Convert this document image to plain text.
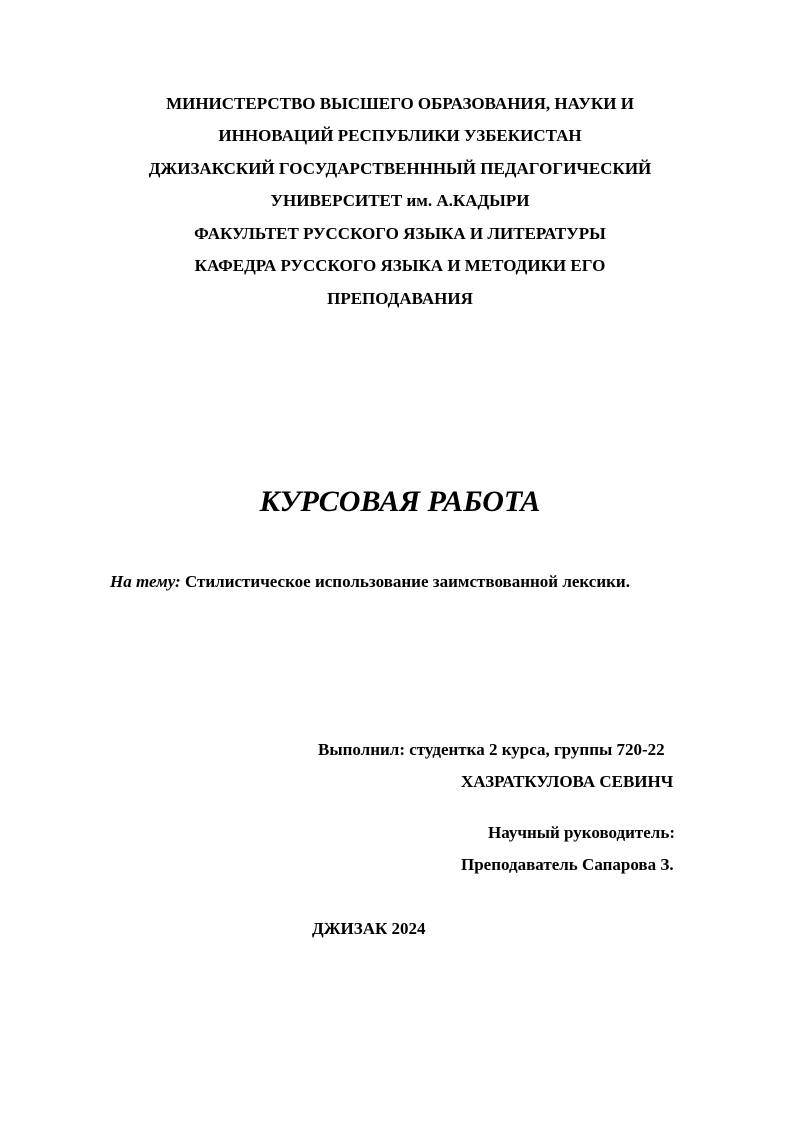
МИНИСТЕРСТВО ВЫСШЕГО ОБРАЗОВАНИЯ, НАУКИ И
ИННОВАЦИЙ РЕСПУБЛИКИ УЗБЕКИСТАН
ДЖИЗАКСКИЙ ГОСУДАРСТВЕНННЫЙ ПЕДАГОГИЧЕСКИЙ
УНИВЕРСИТЕТ им. А.КАДЫРИ
ФАКУЛЬТЕТ РУССКОГО ЯЗЫКА И ЛИТЕРАТУРЫ
КАФЕДРА РУССКОГО ЯЗЫКА И МЕТОДИКИ ЕГО
ПРЕПОДАВАНИЯ
КУРСОВАЯ РАБОТА
На тему: Стилистическое использование заимствованной лексики.
Выполнил: студентка 2 курса, группы 720-22
ХАЗРАТКУЛОВА СЕВИНЧ
Научный руководитель:
Преподаватель Сапарова З.
ДЖИЗАК 2024
